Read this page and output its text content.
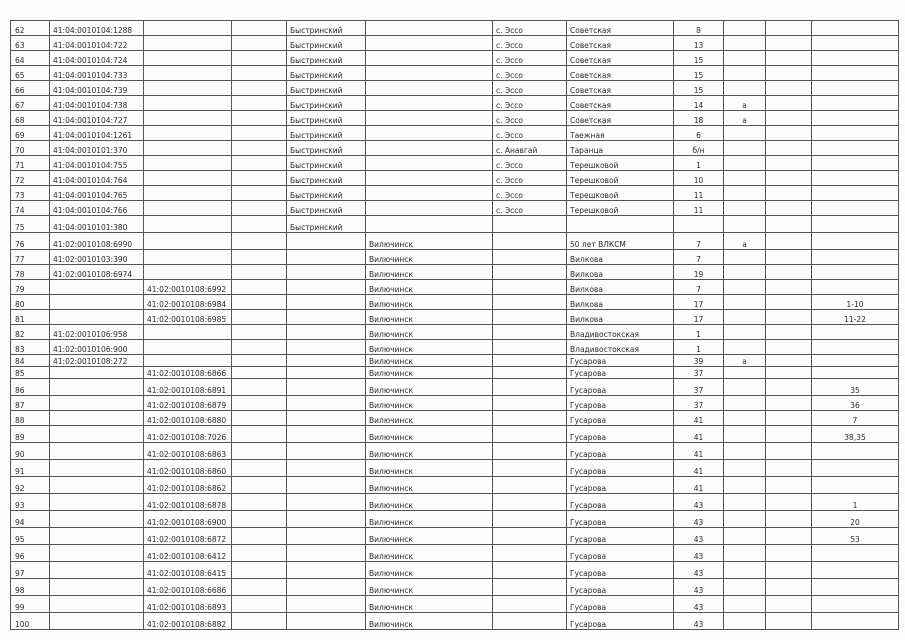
62	41:04:0010104:1288			Быстринский		с. Эссо	Советская	8			
63	41:04:0010104:722			Быстринский		с. Эссо	Советская	13			
64	41:04:0010104:724			Быстринский		с. Эссо	Советская	15			
65	41:04:0010104:733			Быстринский		с. Эссо	Советская	15			
66	41:04:0010104:739			Быстринский		с. Эссо	Советская	15			
67	41:04:0010104:738			Быстринский		с. Эссо	Советская	14	а		
68	41:04:0010104:727			Быстринский		с. Эссо	Советская	18	а		
69	41:04:0010104:1261			Быстринский		с. Эссо	Таежная	6			
70	41:04:0010101:370			Быстринский		с. Анавгай	Таранца	б/н			
71	41:04:0010104:755			Быстринский		с. Эссо	Терешковой	1			
72	41:04:0010104:764			Быстринский		с. Эссо	Терешковой	10			
73	41:04:0010104:765			Быстринский		с. Эссо	Терешковой	11			
74	41:04:0010104:766			Быстринский		с. Эссо	Терешковой	11			
75	41:04:0010101:380			Быстринский							
76	41:02:0010108:6990				Вилючинск		50 лет ВЛКСМ	7	а		
77	41:02:0010103:390				Вилючинск		Вилкова	7			
78	41:02:0010108:6974				Вилючинск		Вилкова	19			
79		41:02:0010108:6992			Вилючинск		Вилкова	7			
80		41:02:0010108:6984			Вилючинск		Вилкова	17			1-10
81		41:02:0010108:6985			Вилючинск		Вилкова	17			11-22
82	41:02:0010106:958				Вилючинск		Владивостокская	1			
83	41:02:0010106:900				Вилючинск		Владивостокская	1			
84	41:02:0010108:272				Вилючинск		Гусарова	39	а		
85		41:02:0010108:6866			Вилючинск		Гусарова	37			
86		41:02:0010108:6891			Вилючинск		Гусарова	37			35
87		41:02:0010108:6879			Вилючинск		Гусарова	37			36
88		41:02:0010108:6880			Вилючинск		Гусарова	41			7
89		41:02:0010108:7026			Вилючинск		Гусарова	41			38,35
90		41:02:0010108:6863			Вилючинск		Гусарова	41			
91		41:02:0010108:6860			Вилючинск		Гусарова	41			
92		41:02:0010108:6862			Вилючинск		Гусарова	41			
93		41:02:0010108:6878			Вилючинск		Гусарова	43			1
94		41:02:0010108:6900			Вилючинск		Гусарова	43			20
95		41:02:0010108:6872			Вилючинск		Гусарова	43			53
96		41:02:0010108:6412			Вилючинск		Гусарова	43			
97		41:02:0010108:6415			Вилючинск		Гусарова	43			
98		41:02:0010108:6686			Вилючинск		Гусарова	43			
99		41:02:0010108:6893			Вилючинск		Гусарова	43			
100		41:02:0010108:6882			Вилючинск		Гусарова	43			
